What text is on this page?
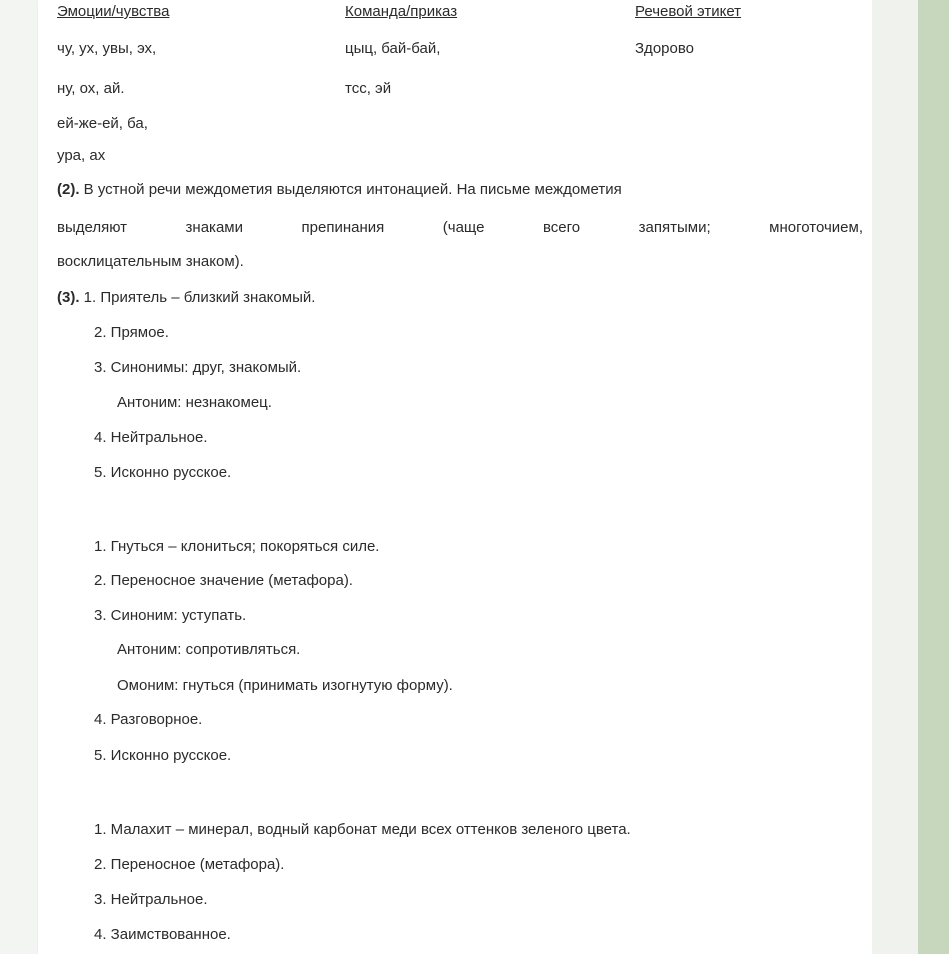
Эмоции/чувства	Команда/приказ	Речевой этикет
чу, ух, увы, эх,
ну, ох, ай.
ей-же-ей, ба,
ура, ах
цыц, бай-бай,
тсс, эй
Здорово
(2). В устной речи междометия выделяются интонацией. На письме междометия
выделяют знаками препинания (чаще всего запятыми; многоточием,
восклицательным знаком).
(3). 1. Приятель – близкий знакомый.
2. Прямое.
3. Синонимы: друг, знакомый.
Антоним: незнакомец.
4. Нейтральное.
5. Исконно русское.
1. Гнуться – клониться; покоряться силе.
2. Переносное значение (метафора).
3. Синоним: уступать.
Антоним: сопротивляться.
Омоним: гнуться (принимать изогнутую форму).
4. Разговорное.
5. Исконно русское.
1. Малахит – минерал, водный карбонат меди всех оттенков зеленого цвета.
2. Переносное (метафора).
3. Нейтральное.
4. Заимствованное.
